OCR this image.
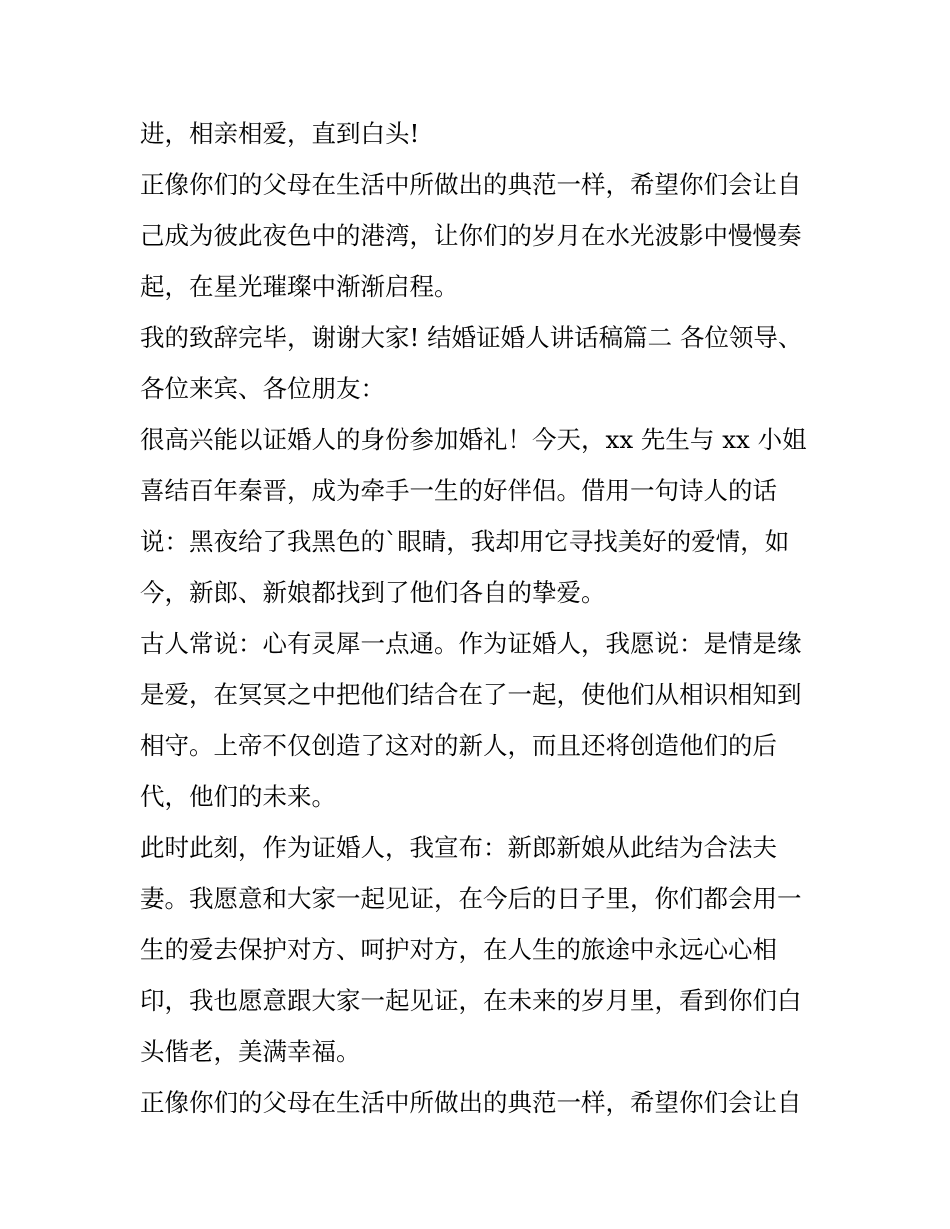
进，相亲相爱，直到白头!
正像你们的父母在生活中所做出的典范一样，希望你们会让自
己成为彼此夜色中的港湾，让你们的岁月在水光波影中慢慢奏
起，在星光璀璨中渐渐启程。
我的致辞完毕，谢谢大家! 结婚证婚人讲话稿篇二 各位领导、
各位来宾、各位朋友：
很高兴能以证婚人的身份参加婚礼！今天，xx 先生与 xx 小姐
喜结百年秦晋，成为牵手一生的好伴侣。借用一句诗人的话
说：黑夜给了我黑色的`眼睛，我却用它寻找美好的爱情，如
今，新郎、新娘都找到了他们各自的挚爱。
古人常说：心有灵犀一点通。作为证婚人，我愿说：是情是缘
是爱，在冥冥之中把他们结合在了一起，使他们从相识相知到
相守。上帝不仅创造了这对的新人，而且还将创造他们的后
代，他们的未来。
此时此刻，作为证婚人，我宣布：新郎新娘从此结为合法夫
妻。我愿意和大家一起见证，在今后的日子里，你们都会用一
生的爱去保护对方、呵护对方，在人生的旅途中永远心心相
印，我也愿意跟大家一起见证，在未来的岁月里，看到你们白
头偕老，美满幸福。
正像你们的父母在生活中所做出的典范一样，希望你们会让自
